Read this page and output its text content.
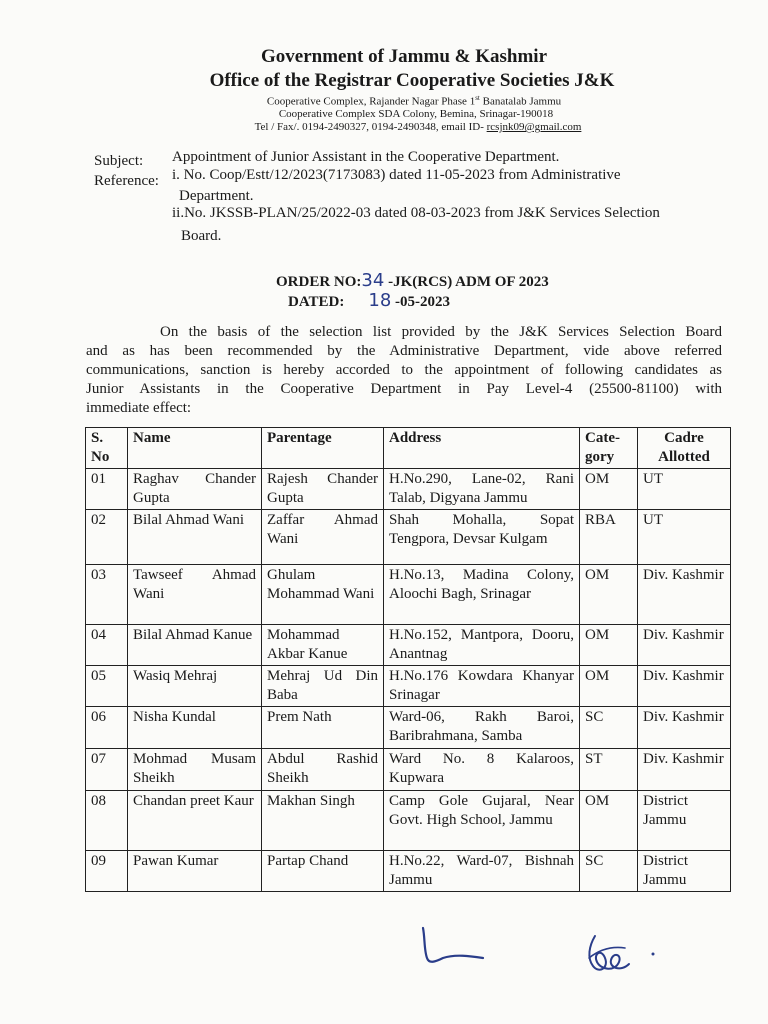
Government of Jammu & Kashmir
Office of the Registrar Cooperative Societies J&K
Cooperative Complex, Rajander Nagar Phase 1st Banatalab Jammu
Cooperative Complex SDA Colony, Bemina, Srinagar-190018
Tel / Fax/. 0194-2490327, 0194-2490348, email ID- rcsjnk09@gmail.com
Subject: Appointment of Junior Assistant in the Cooperative Department.
Reference: i. No. Coop/Estt/12/2023(7173083) dated 11-05-2023 from Administrative
Department.
ii.No. JKSSB-PLAN/25/2022-03 dated 08-03-2023 from J&K Services Selection
Board.
ORDER NO:34 -JK(RCS) ADM OF 2023
DATED: 18 -05-2023
On the basis of the selection list provided by the J&K Services Selection Board
and as has been recommended by the Administrative Department, vide above referred
communications, sanction is hereby accorded to the appointment of following candidates as
Junior Assistants in the Cooperative Department in Pay Level-4 (25500-81100) with
immediate effect:
S. No	Name	Parentage	Address	Cate-gory	Cadre Allotted
01	Raghav Chander Gupta	Rajesh Chander Gupta	H.No.290, Lane-02, Rani Talab, Digyana Jammu	OM	UT
02	Bilal Ahmad Wani	Zaffar Ahmad Wani	Shah Mohalla, Sopat Tengpora, Devsar Kulgam	RBA	UT
03	Tawseef Ahmad Wani	Ghulam Mohammad Wani	H.No.13, Madina Colony, Aloochi Bagh, Srinagar	OM	Div. Kashmir
04	Bilal Ahmad Kanue	Mohammad Akbar Kanue	H.No.152, Mantpora, Dooru, Anantnag	OM	Div. Kashmir
05	Wasiq Mehraj	Mehraj Ud Din Baba	H.No.176 Kowdara Khanyar Srinagar	OM	Div. Kashmir
06	Nisha Kundal	Prem Nath	Ward-06, Rakh Baroi, Baribrahmana, Samba	SC	Div. Kashmir
07	Mohmad Musam Sheikh	Abdul Rashid Sheikh	Ward No. 8 Kalaroos, Kupwara	ST	Div. Kashmir
08	Chandan preet Kaur	Makhan Singh	Camp Gole Gujaral, Near Govt. High School, Jammu	OM	District Jammu
09	Pawan Kumar	Partap Chand	H.No.22, Ward-07, Bishnah Jammu	SC	District Jammu
